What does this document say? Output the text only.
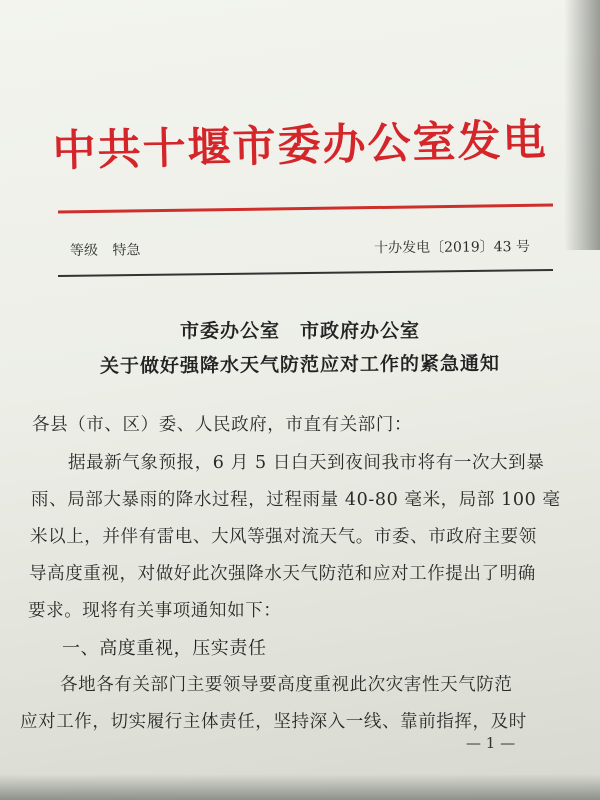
中共十堰市委办公室发电
等级 特急	十办发电〔2019〕43 号
市委办公室　市政府办公室
关于做好强降水天气防范应对工作的紧急通知
各县（市、区）委、人民政府，市直有关部门：
据最新气象预报，6 月 5 日白天到夜间我市将有一次大到暴
雨、局部大暴雨的降水过程，过程雨量 40-80 毫米，局部 100 毫
米以上，并伴有雷电、大风等强对流天气。市委、市政府主要领
导高度重视，对做好此次强降水天气防范和应对工作提出了明确
要求。现将有关事项通知如下：
一、高度重视，压实责任
各地各有关部门主要领导要高度重视此次灾害性天气防范
应对工作，切实履行主体责任，坚持深入一线、靠前指挥，及时
— 1 —
